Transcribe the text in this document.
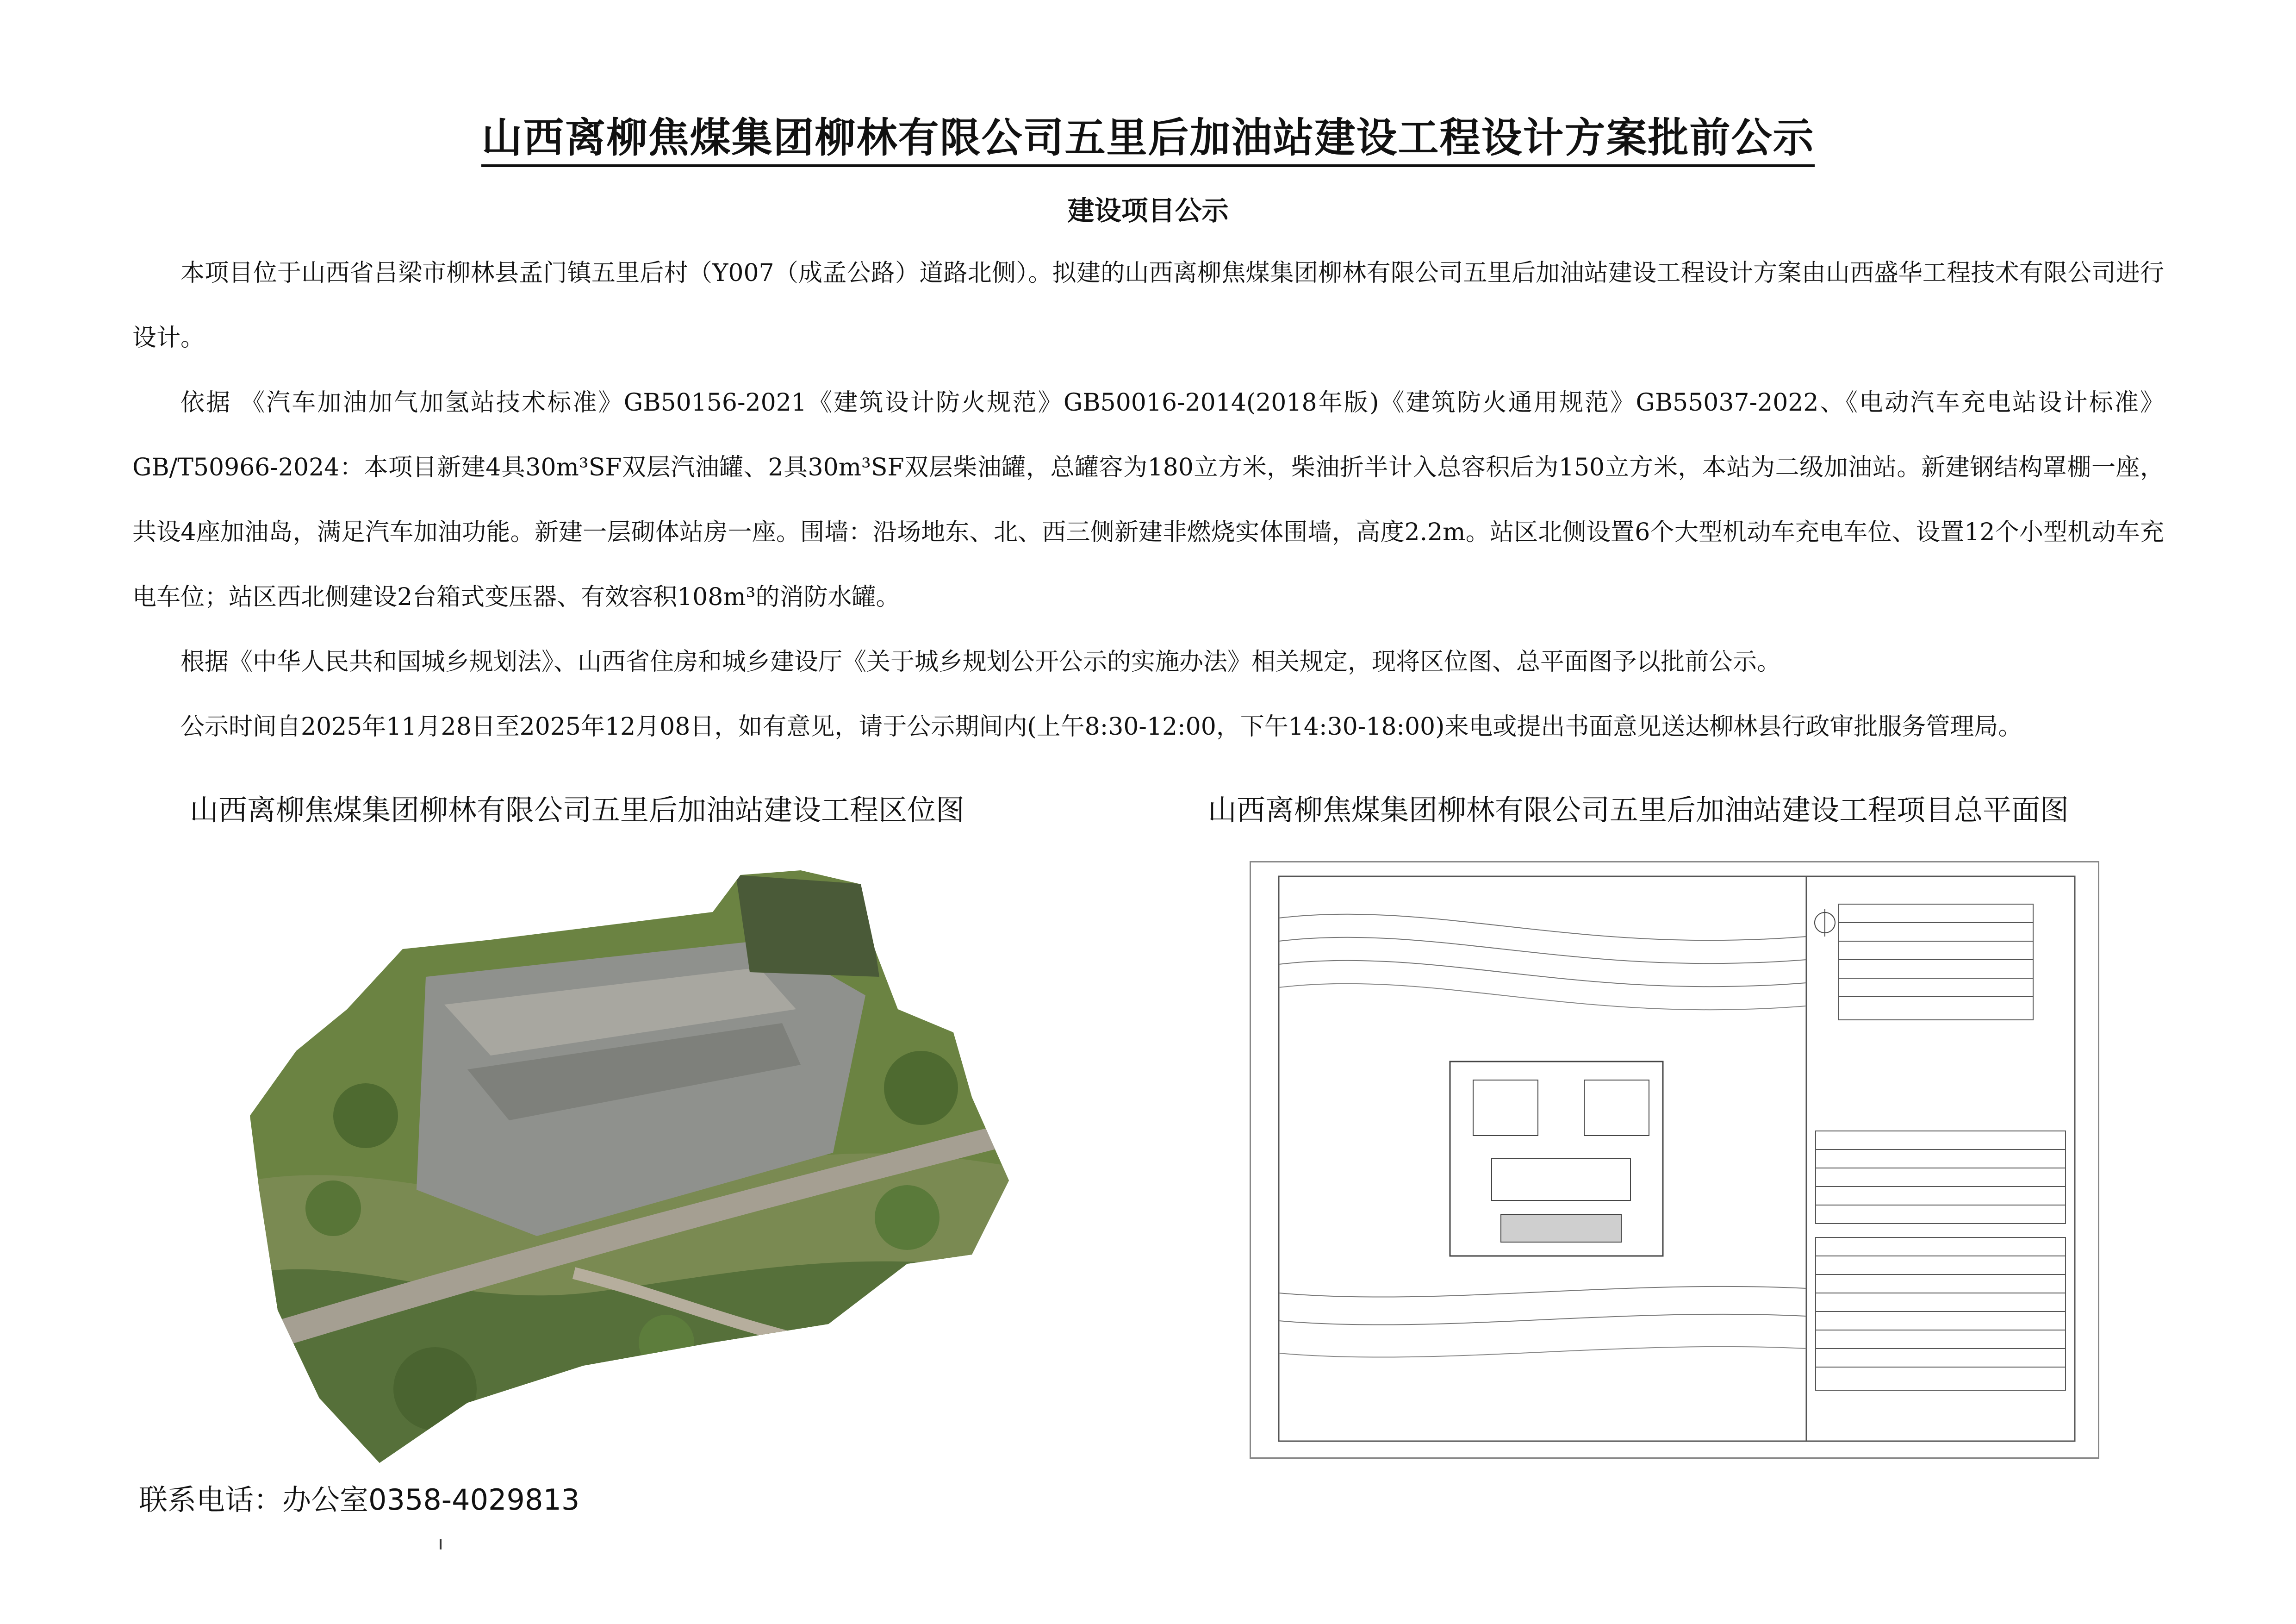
山西离柳焦煤集团柳林有限公司五里后加油站建设工程设计方案批前公示
建设项目公示

本项目位于山西省吕梁市柳林县孟门镇五里后村（Y007（成孟公路）道路北侧）。拟建的山西离柳焦煤集团柳林有限公司五里后加油站建设工程设计方案由山西盛华工程技术有限公司进行设计。

依据 《汽车加油加气加氢站技术标准》GB50156-2021《建筑设计防火规范》GB50016-2014(2018年版)《建筑防火通用规范》GB55037-2022、《电动汽车充电站设计标准》GB/T50966-2024：本项目新建4具30m³SF双层汽油罐、2具30m³SF双层柴油罐，总罐容为180立方米，柴油折半计入总容积后为150立方米，本站为二级加油站。新建钢结构罩棚一座，共设4座加油岛，满足汽车加油功能。新建一层砌体站房一座。围墙：沿场地东、北、西三侧新建非燃烧实体围墙，高度2.2m。站区北侧设置6个大型机动车充电车位、设置12个小型机动车充电车位；站区西北侧建设2台箱式变压器、有效容积108m³的消防水罐。

根据《中华人民共和国城乡规划法》、山西省住房和城乡建设厅《关于城乡规划公开公示的实施办法》相关规定，现将区位图、总平面图予以批前公示。

公示时间自2025年11月28日至2025年12月08日，如有意见，请于公示期间内(上午8:30-12:00，下午14:30-18:00)来电或提出书面意见送达柳林县行政审批服务管理局。

山西离柳焦煤集团柳林有限公司五里后加油站建设工程区位图	山西离柳焦煤集团柳林有限公司五里后加油站建设工程项目总平面图
联系电话：办公室0358-4029813
